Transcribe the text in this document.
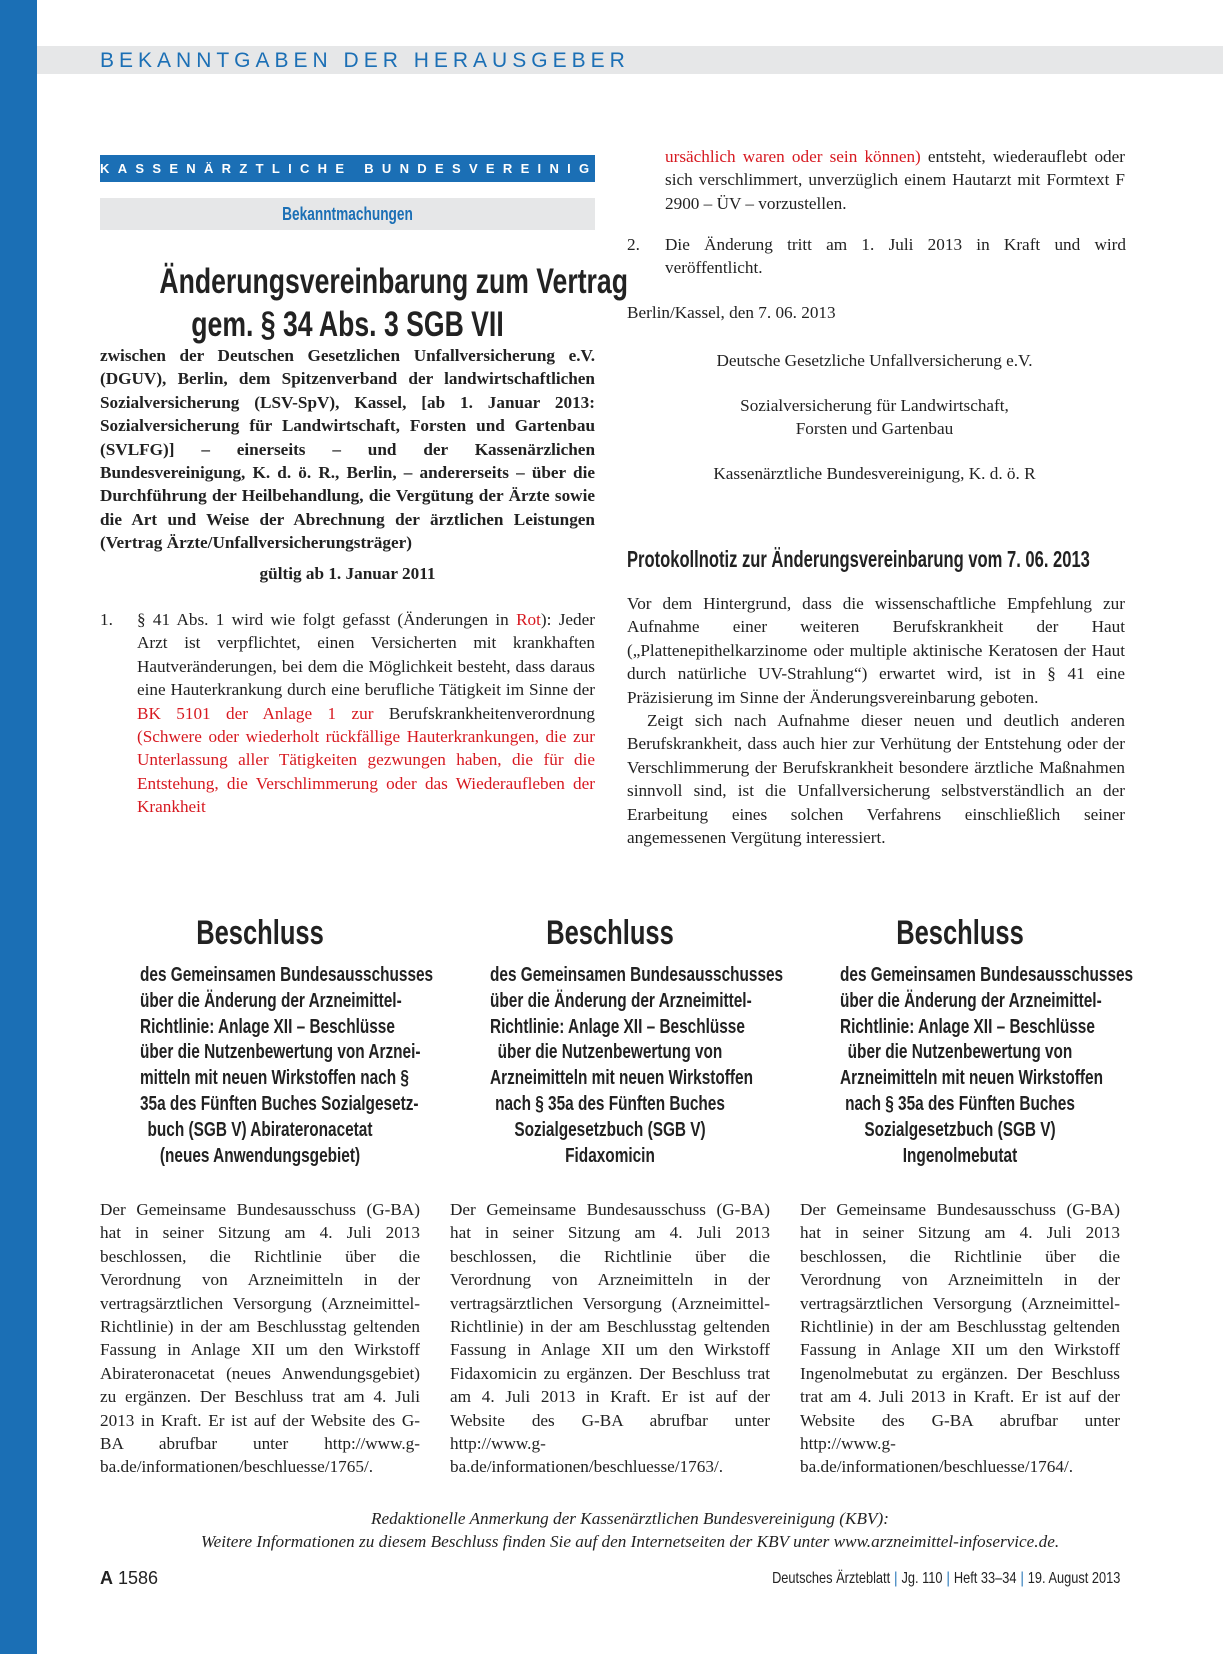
BEKANNTGABEN DER HERAUSGEBER
KASSENÄRZTLICHE BUNDESVEREINIGUNG
Bekanntmachungen
Änderungsvereinbarung zum Vertrag
gem. § 34 Abs. 3 SGB VII

zwischen der Deutschen Gesetzlichen Unfallversicherung e.V. (DGUV), Berlin, dem Spitzenverband der landwirtschaftlichen Sozialversicherung (LSV-SpV), Kassel, [ab 1. Januar 2013: Sozialversicherung für Landwirtschaft, Forsten und Gartenbau (SVLFG)] – einerseits – und der Kassenärzlichen Bundesvereinigung, K. d. ö. R., Berlin, – andererseits – über die Durchführung der Heilbehandlung, die Vergütung der Ärzte sowie die Art und Weise der Abrechnung der ärztlichen Leistungen (Vertrag Ärzte/Unfallversicherungsträger)

gültig ab 1. Januar 2011
1. § 41 Abs. 1 wird wie folgt gefasst (Änderungen in Rot): Jeder Arzt ist verpflichtet, einen Versicherten mit krankhaften Hautveränderungen, bei dem die Möglichkeit besteht, dass daraus eine Hauterkrankung durch eine berufliche Tätigkeit im Sinne der BK 5101 der Anlage 1 zur Berufskrankheitenverordnung (Schwere oder wiederholt rückfällige Hauterkrankungen, die zur Unterlassung aller Tätigkeiten gezwungen haben, die für die Entstehung, die Verschlimmerung oder das Wiederaufleben der Krankheit

ursächlich waren oder sein können) entsteht, wiederauflebt oder sich verschlimmert, unverzüglich einem Hautarzt mit Formtext F 2900 – ÜV – vorzustellen.

2. Die Änderung tritt am 1. Juli 2013 in Kraft und wird veröffentlicht.
Berlin/Kassel, den 7. 06. 2013
Deutsche Gesetzliche Unfallversicherung e.V.
Sozialversicherung für Landwirtschaft,
Forsten und Gartenbau
Kassenärztliche Bundesvereinigung, K. d. ö. R
Protokollnotiz zur Änderungsvereinbarung vom 7. 06. 2013

Vor dem Hintergrund, dass die wissenschaftliche Empfehlung zur Aufnahme einer weiteren Berufskrankheit der Haut („Plattenepithelkarzinome oder multiple aktinische Keratosen der Haut durch natürliche UV-Strahlung“) erwartet wird, ist in § 41 eine Präzisierung im Sinne der Änderungsvereinbarung geboten.

Zeigt sich nach Aufnahme dieser neuen und deutlich anderen Berufskrankheit, dass auch hier zur Verhütung der Entstehung oder der Verschlimmerung der Berufskrankheit besondere ärztliche Maßnahmen sinnvoll sind, ist die Unfallversicherung selbstverständlich an der Erarbeitung eines solchen Verfahrens einschließlich seiner angemessenen Vergütung interessiert.

Beschluss
des Gemeinsamen Bundesausschusses
über die Änderung der Arzneimittel-
Richtlinie: Anlage XII – Beschlüsse
über die Nutzenbewertung von Arznei-
mitteln mit neuen Wirkstoffen nach §
35a des Fünften Buches Sozialgesetz-
buch (SGB V) Abirateronacetat
(neues Anwendungsgebiet)

Der Gemeinsame Bundesausschuss (G-BA) hat in seiner Sitzung am 4. Juli 2013 beschlossen, die Richtlinie über die Verordnung von Arzneimitteln in der vertragsärztlichen Versorgung (Arzneimittel-Richtlinie) in der am Beschlusstag geltenden Fassung in Anlage XII um den Wirkstoff Abirateronacetat (neues Anwendungsgebiet) zu ergänzen. Der Beschluss trat am 4. Juli 2013 in Kraft. Er ist auf der Website des G-BA abrufbar unter http://www.g-ba.de/informationen/beschluesse/1765/.

Beschluss
des Gemeinsamen Bundesausschusses
über die Änderung der Arzneimittel-
Richtlinie: Anlage XII – Beschlüsse
über die Nutzenbewertung von
Arzneimitteln mit neuen Wirkstoffen
nach § 35a des Fünften Buches
Sozialgesetzbuch (SGB V)
Fidaxomicin

Der Gemeinsame Bundesausschuss (G-BA) hat in seiner Sitzung am 4. Juli 2013 beschlossen, die Richtlinie über die Verordnung von Arzneimitteln in der vertragsärztlichen Versorgung (Arzneimittel-Richtlinie) in der am Beschlusstag geltenden Fassung in Anlage XII um den Wirkstoff Fidaxomicin zu ergänzen. Der Beschluss trat am 4. Juli 2013 in Kraft. Er ist auf der Website des G-BA abrufbar unter http://www.g-ba.de/informationen/beschluesse/1763/.

Beschluss
des Gemeinsamen Bundesausschusses
über die Änderung der Arzneimittel-
Richtlinie: Anlage XII – Beschlüsse
über die Nutzenbewertung von
Arzneimitteln mit neuen Wirkstoffen
nach § 35a des Fünften Buches
Sozialgesetzbuch (SGB V)
Ingenolmebutat

Der Gemeinsame Bundesausschuss (G-BA) hat in seiner Sitzung am 4. Juli 2013 beschlossen, die Richtlinie über die Verordnung von Arzneimitteln in der vertragsärztlichen Versorgung (Arzneimittel-Richtlinie) in der am Beschlusstag geltenden Fassung in Anlage XII um den Wirkstoff Ingenolmebutat zu ergänzen. Der Beschluss trat am 4. Juli 2013 in Kraft. Er ist auf der Website des G-BA abrufbar unter http://www.g-ba.de/informationen/beschluesse/1764/.

Redaktionelle Anmerkung der Kassenärztlichen Bundesvereinigung (KBV):
Weitere Informationen zu diesem Beschluss finden Sie auf den Internetseiten der KBV unter www.arzneimittel-infoservice.de.
A 1586	Deutsches Ärzteblatt | Jg. 110 | Heft 33–34 | 19. August 2013
